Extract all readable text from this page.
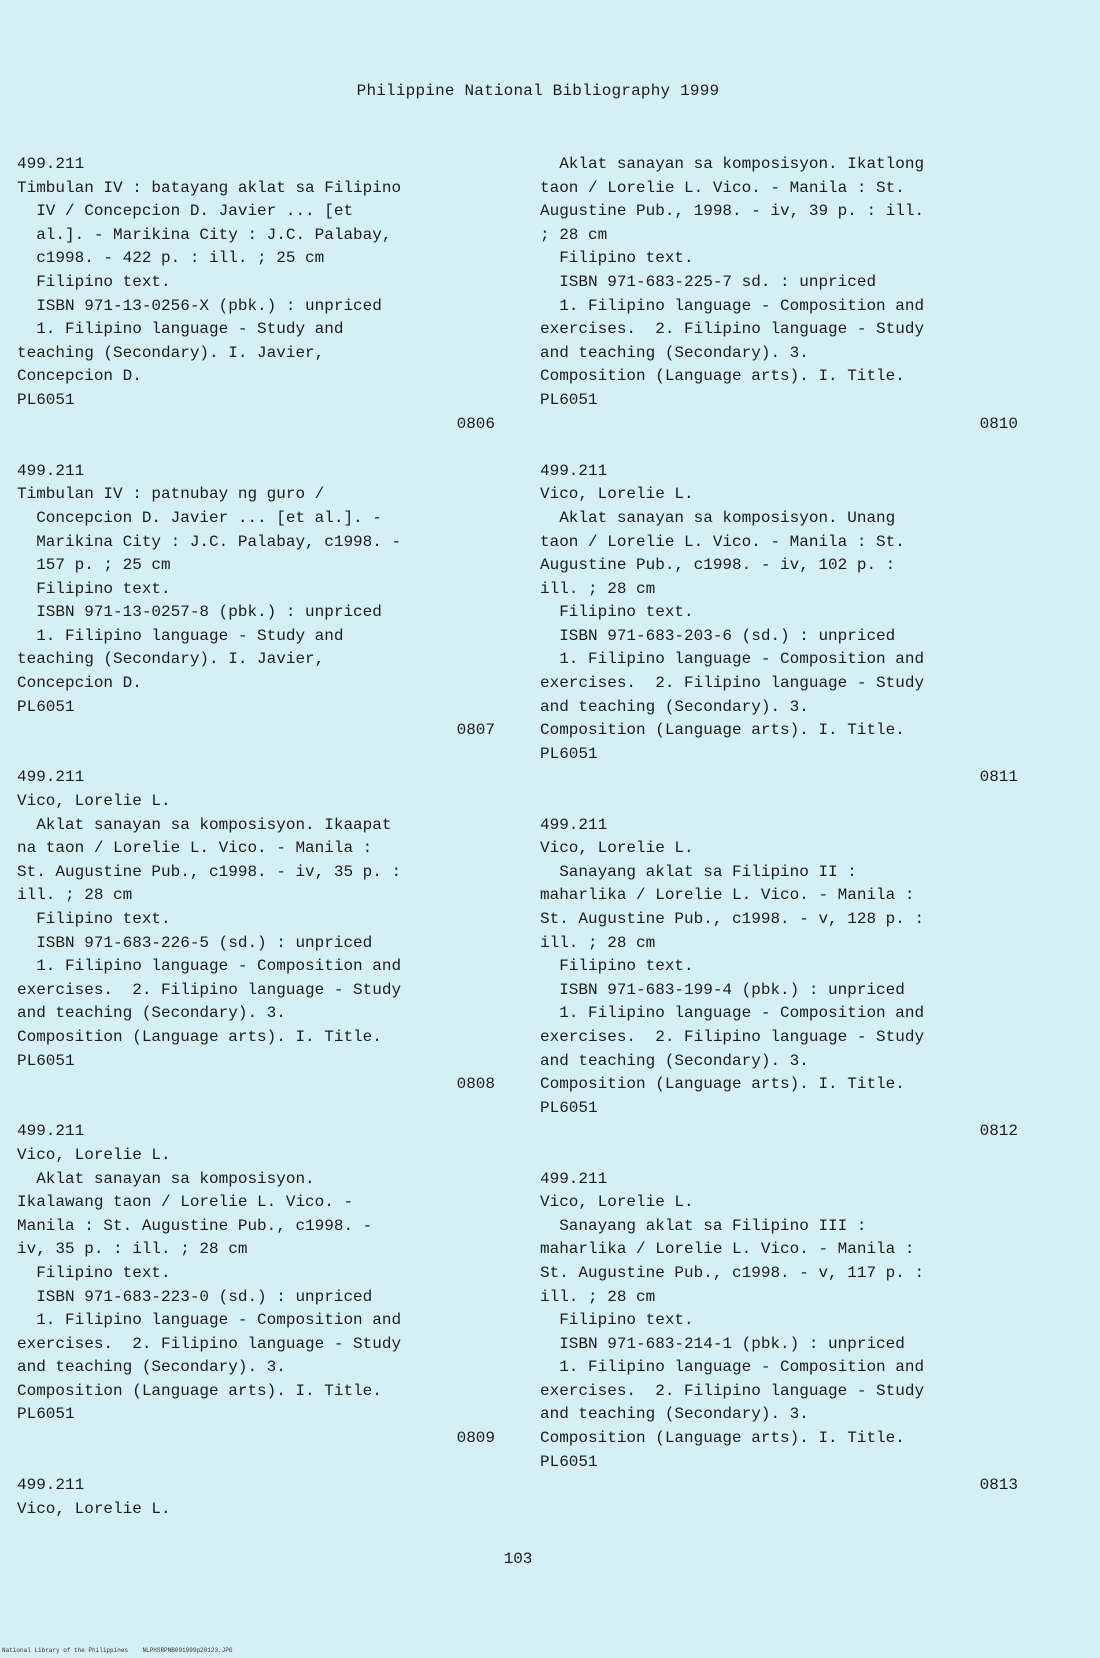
Philippine National Bibliography 1999
499.211
Timbulan IV : batayang aklat sa Filipino
IV / Concepcion D. Javier ... [et
al.]. - Marikina City : J.C. Palabay,
c1998. - 422 p. : ill. ; 25 cm
Filipino text.
ISBN 971-13-0256-X (pbk.) : unpriced
1. Filipino language - Study and
teaching (Secondary). I. Javier,
Concepcion D.
PL6051
0806
499.211
Timbulan IV : patnubay ng guro /
Concepcion D. Javier ... [et al.]. -
Marikina City : J.C. Palabay, c1998. -
157 p. ; 25 cm
Filipino text.
ISBN 971-13-0257-8 (pbk.) : unpriced
1. Filipino language - Study and
teaching (Secondary). I. Javier,
Concepcion D.
PL6051
0807
499.211
Vico, Lorelie L.
Aklat sanayan sa komposisyon. Ikaapat
na taon / Lorelie L. Vico. - Manila :
St. Augustine Pub., c1998. - iv, 35 p. :
ill. ; 28 cm
Filipino text.
ISBN 971-683-226-5 (sd.) : unpriced
1. Filipino language - Composition and
exercises.  2. Filipino language - Study
and teaching (Secondary). 3.
Composition (Language arts). I. Title.
PL6051
0808
499.211
Vico, Lorelie L.
Aklat sanayan sa komposisyon.
Ikalawang taon / Lorelie L. Vico. -
Manila : St. Augustine Pub., c1998. -
iv, 35 p. : ill. ; 28 cm
Filipino text.
ISBN 971-683-223-0 (sd.) : unpriced
1. Filipino language - Composition and
exercises.  2. Filipino language - Study
and teaching (Secondary). 3.
Composition (Language arts). I. Title.
PL6051
0809
499.211
Vico, Lorelie L.
Aklat sanayan sa komposisyon. Ikatlong
taon / Lorelie L. Vico. - Manila : St.
Augustine Pub., 1998. - iv, 39 p. : ill.
; 28 cm
Filipino text.
ISBN 971-683-225-7 sd. : unpriced
1. Filipino language - Composition and
exercises.  2. Filipino language - Study
and teaching (Secondary). 3.
Composition (Language arts). I. Title.
PL6051
0810
499.211
Vico, Lorelie L.
Aklat sanayan sa komposisyon. Unang
taon / Lorelie L. Vico. - Manila : St.
Augustine Pub., c1998. - iv, 102 p. :
ill. ; 28 cm
Filipino text.
ISBN 971-683-203-6 (sd.) : unpriced
1. Filipino language - Composition and
exercises.  2. Filipino language - Study
and teaching (Secondary). 3.
Composition (Language arts). I. Title.
PL6051
0811
499.211
Vico, Lorelie L.
Sanayang aklat sa Filipino II :
maharlika / Lorelie L. Vico. - Manila :
St. Augustine Pub., c1998. - v, 128 p. :
ill. ; 28 cm
Filipino text.
ISBN 971-683-199-4 (pbk.) : unpriced
1. Filipino language - Composition and
exercises.  2. Filipino language - Study
and teaching (Secondary). 3.
Composition (Language arts). I. Title.
PL6051
0812
499.211
Vico, Lorelie L.
Sanayang aklat sa Filipino III :
maharlika / Lorelie L. Vico. - Manila :
St. Augustine Pub., c1998. - v, 117 p. :
ill. ; 28 cm
Filipino text.
ISBN 971-683-214-1 (pbk.) : unpriced
1. Filipino language - Composition and
exercises.  2. Filipino language - Study
and teaching (Secondary). 3.
Composition (Language arts). I. Title.
PL6051
0813
103
National Library of the Philippines NLPHSRPNB091999p20123.JPG
